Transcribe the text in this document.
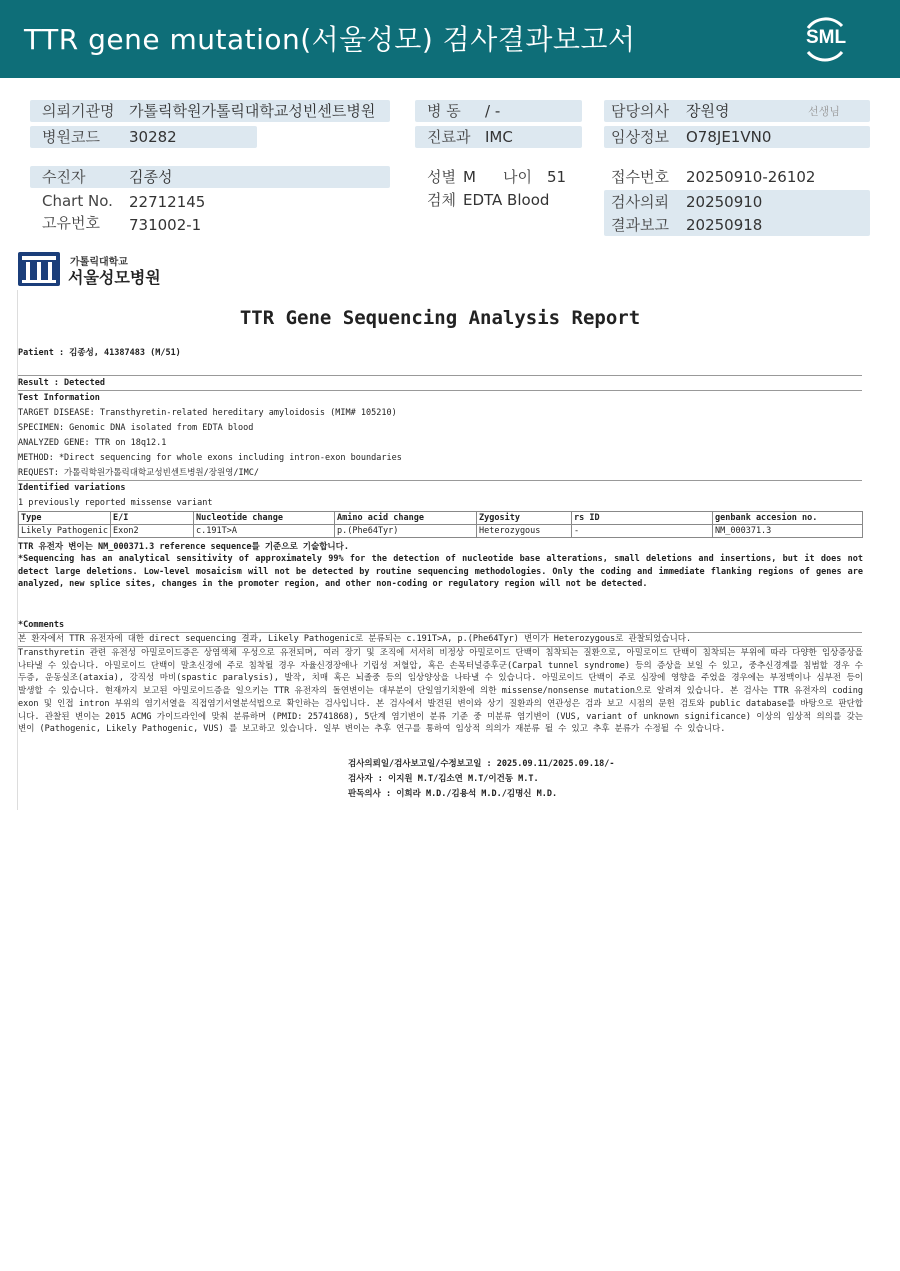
TTR gene mutation(서울성모) 검사결과보고서	SML
의뢰기관명 가톨릭학원가톨릭대학교성빈센트병원
병원코드 30282
병 동 / -
진료과 IMC
담당의사 장원영	선생님
임상정보 O78JE1VN0
수진자	김종성
Chart No. 22712145
고유번호 731002-1
성별 M 나이 51
검체 EDTA Blood
접수번호 20250910-26102
검사의뢰 20250910
결과보고 20250918
가톨릭대학교
서울성모병원
TTR Gene Sequencing Analysis Report
Patient : 김종성, 41387483 (M/51)
Result : Detected
Test Information
TARGET DISEASE: Transthyretin-related hereditary amyloidosis (MIM# 105210)
SPECIMEN: Genomic DNA isolated from EDTA blood
ANALYZED GENE: TTR on 18q12.1
METHOD: *Direct sequencing for whole exons including intron-exon boundaries
REQUEST: 가톨릭학원가톨릭대학교성빈센트병원/장원영/IMC/
Identified variations
1 previously reported missense variant
Type	E/I	Nucleotide change	Amino acid change	Zygosity	rs ID	genbank accesion no.
Likely Pathogenic	Exon2	c.191T>A	p.(Phe64Tyr)	Heterozygous	-	NM_000371.3
TTR 유전자 변이는 NM_000371.3 reference sequence를 기준으로 기술합니다.
*Sequencing has an analytical sensitivity of approximately 99% for the detection of nucleotide base alterations, small deletions and insertions, but it does not detect large deletions. Low-level mosaicism will not be detected by routine sequencing methodologies. Only the coding and immediate flanking regions of genes are analyzed, new splice sites, changes in the promoter region, and other non-coding or regulatory region will not be detected.
*Comments
본 환자에서 TTR 유전자에 대한 direct sequencing 결과, Likely Pathogenic로 분류되는 c.191T>A, p.(Phe64Tyr) 변이가 Heterozygous로 관찰되었습니다.
Transthyretin 관련 유전성 아밀로이드증은 상염색체 우성으로 유전되며, 여러 장기 및 조직에 서서히 비정상 아밀로이드 단백이 침착되는 질환으로, 아밀로이드 단백이 침착되는 부위에 따라 다양한 임상증상을 나타낼 수 있습니다. 아밀로이드 단백이 말초신경에 주로 침착될 경우 자율신경장애나 기립성 저혈압, 혹은 손목터널증후군(Carpal tunnel syndrome) 등의 증상을 보일 수 있고, 중추신경계를 침범할 경우 수두증, 운동실조(ataxia), 강직성 마비(spastic paralysis), 발작, 치매 혹은 뇌졸중 등의 임상양상을 나타낼 수 있습니다. 아밀로이드 단백이 주로 심장에 영향을 주었을 경우에는 부정맥이나 심부전 등이 발생할 수 있습니다. 현재까지 보고된 아밀로이드증을 일으키는 TTR 유전자의 돌연변이는 대부분이 단일염기치환에 의한 missense/nonsense mutation으로 알려져 있습니다. 본 검사는 TTR 유전자의 coding exon 및 인접 intron 부위의 염기서열을 직접염기서열분석법으로 확인하는 검사입니다. 본 검사에서 발견된 변이와 상기 질환과의 연관성은 검과 보고 시점의 문헌 검토와 public database를 바탕으로 판단합니다. 관찰된 변이는 2015 ACMG 가이드라인에 맞춰 분류하며 (PMID: 25741868), 5단계 염기변이 분류 기준 중 미분류 염기변이 (VUS, variant of unknown significance) 이상의 임상적 의의를 갖는 변이 (Pathogenic, Likely Pathogenic, VUS) 를 보고하고 있습니다. 일부 변이는 추후 연구를 통하여 임상적 의의가 재분류 될 수 있고 추후 분류가 수정될 수 있습니다.
검사의뢰일/검사보고일/수정보고일 : 2025.09.11/2025.09.18/-
검사자 : 이지원 M.T/김소연 M.T/이건동 M.T.
판독의사 : 이희라 M.D./김용석 M.D./김명신 M.D.
